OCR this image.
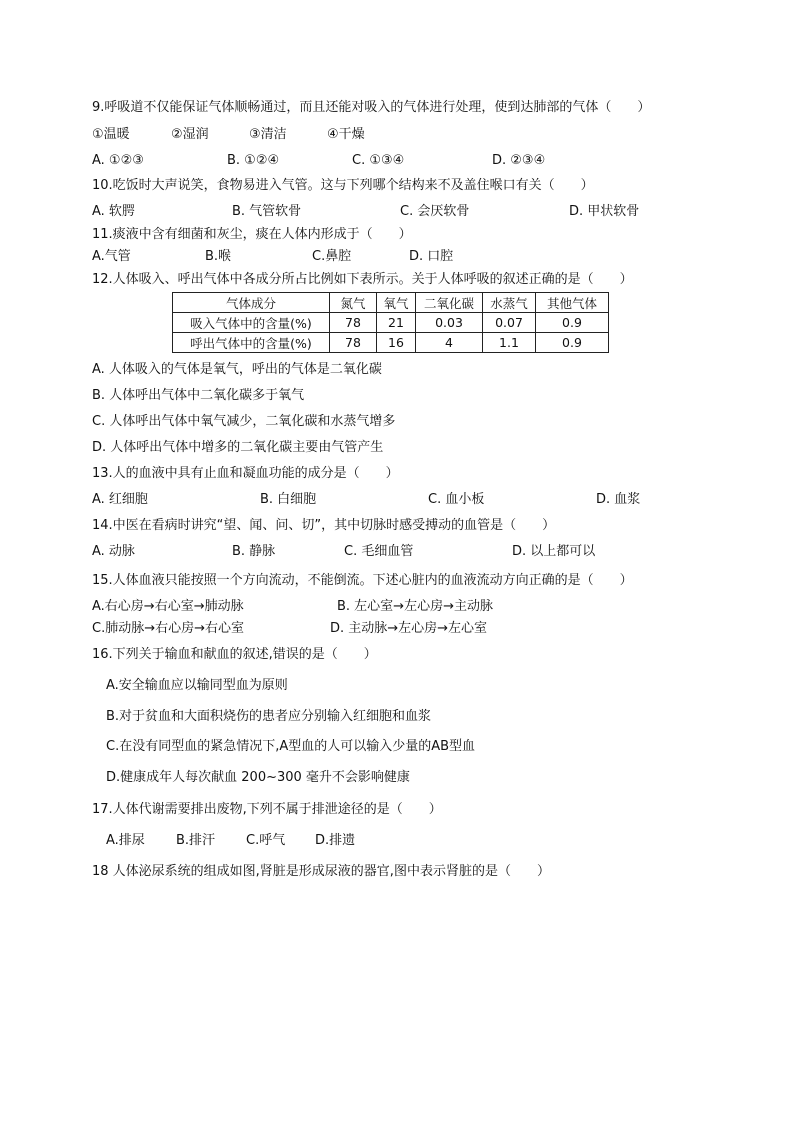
9.呼吸道不仅能保证气体顺畅通过，而且还能对吸入的气体进行处理，使到达肺部的气体（　　）
①温暖	②湿润	③清洁	④干燥
A. ①②③	B. ①②④	C. ①③④	D. ②③④
10.吃饭时大声说笑，食物易进入气管。这与下列哪个结构来不及盖住喉口有关（　　）
A. 软腭	B. 气管软骨	C. 会厌软骨	D. 甲状软骨
11.痰液中含有细菌和灰尘，痰在人体内形成于（　　）
A.气管	B.喉	C.鼻腔	D. 口腔
12.人体吸入、呼出气体中各成分所占比例如下表所示。关于人体呼吸的叙述正确的是（　　）
气体成分	氮气	氧气	二氧化碳	水蒸气	其他气体
吸入气体中的含量(%)	78	21	0.03	0.07	0.9
呼出气体中的含量(%)	78	16	4	1.1	0.9
A. 人体吸入的气体是氧气，呼出的气体是二氧化碳
B. 人体呼出气体中二氧化碳多于氧气
C. 人体呼出气体中氧气减少，二氧化碳和水蒸气增多
D. 人体呼出气体中增多的二氧化碳主要由气管产生
13.人的血液中具有止血和凝血功能的成分是（　　）
A. 红细胞	B. 白细胞	C. 血小板	D. 血浆
14.中医在看病时讲究“望、闻、问、切”，其中切脉时感受搏动的血管是（　　）
A. 动脉	B. 静脉	C. 毛细血管	D. 以上都可以
15.人体血液只能按照一个方向流动，不能倒流。下述心脏内的血液流动方向正确的是（　　）
A.右心房→右心室→肺动脉	B. 左心室→左心房→主动脉
C.肺动脉→右心房→右心室	D. 主动脉→左心房→左心室
16.下列关于输血和献血的叙述,错误的是（　　）
A.安全输血应以输同型血为原则
B.对于贫血和大面积烧伤的患者应分别输入红细胞和血浆
C.在没有同型血的紧急情况下,A型血的人可以输入少量的AB型血
D.健康成年人每次献血 200~300 毫升不会影响健康
17.人体代谢需要排出废物,下列不属于排泄途径的是（　　）
A.排尿 B.排汗 C.呼气 D.排遗
18 人体泌尿系统的组成如图,肾脏是形成尿液的器官,图中表示肾脏的是（　　）
